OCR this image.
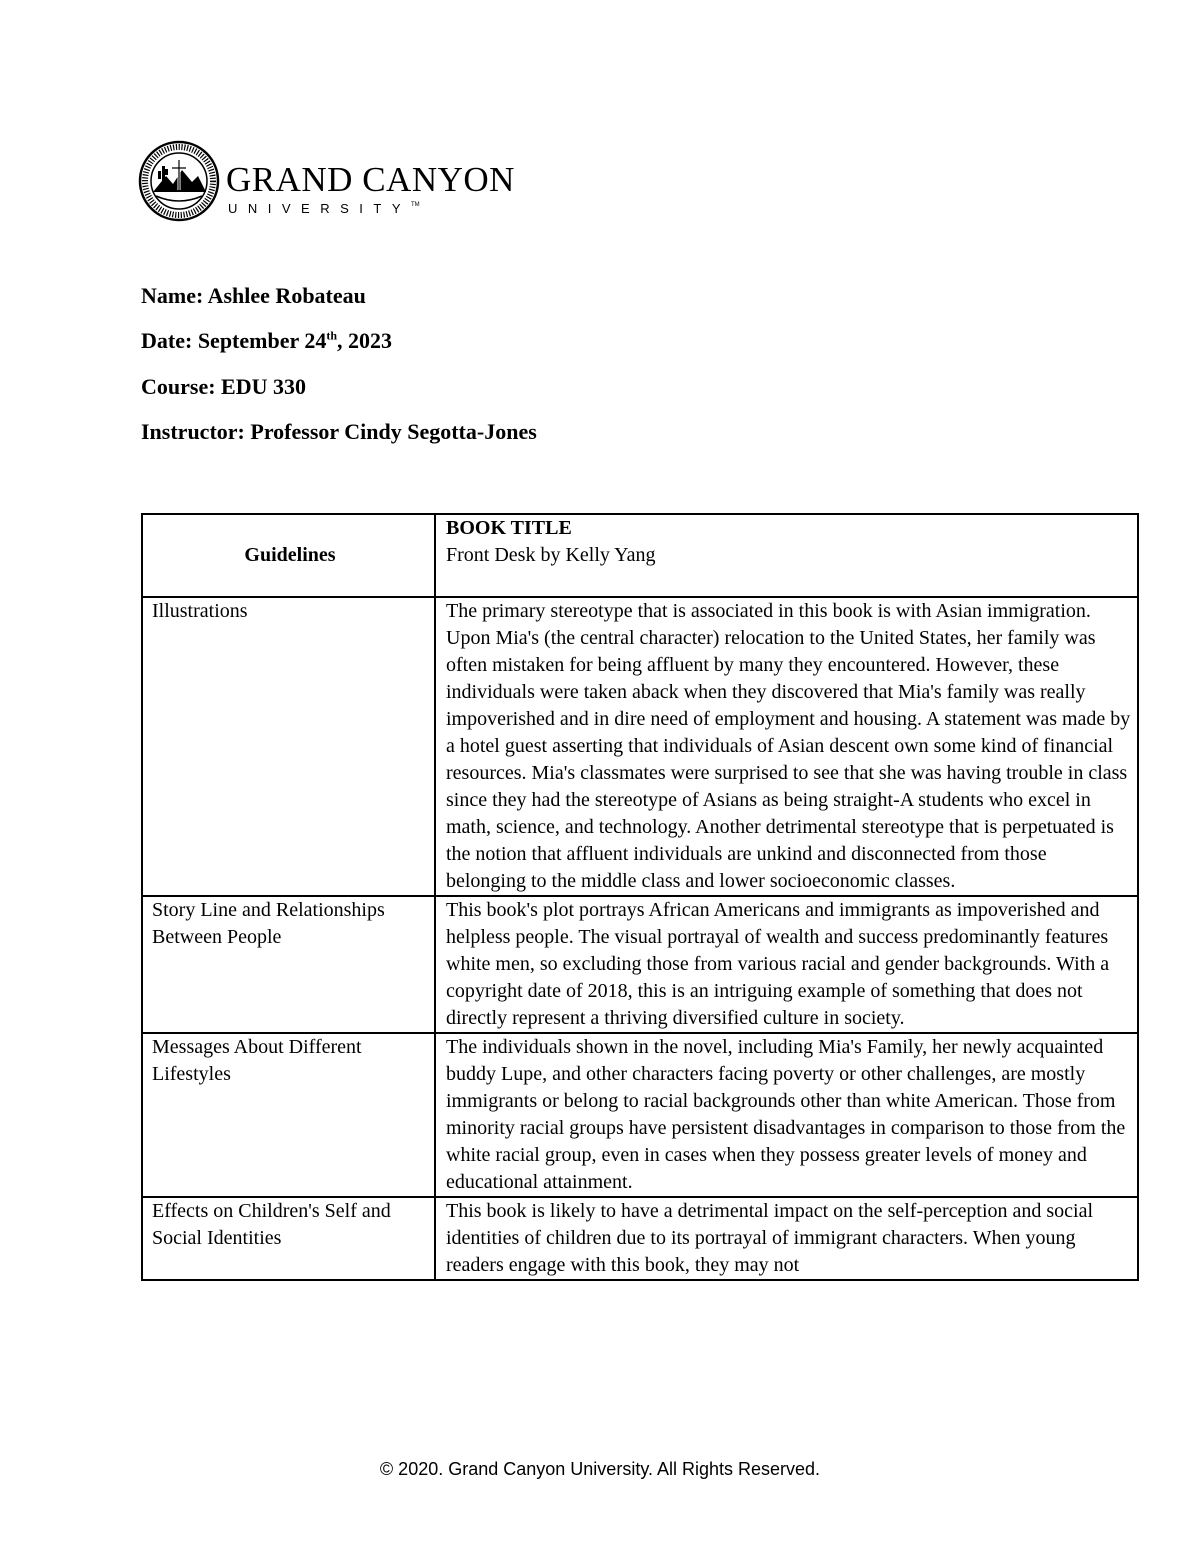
GRAND CANYON
UNIVERSITY™

Name: Ashlee Robateau

Date: September 24th, 2023

Course: EDU 330

Instructor: Professor Cindy Segotta-Jones

Guidelines	BOOK TITLE
Front Desk by Kelly Yang
Illustrations	The primary stereotype that is associated in this book is with Asian immigration. Upon Mia's (the central character) relocation to the United States, her family was often mistaken for being affluent by many they encountered. However, these individuals were taken aback when they discovered that Mia's family was really impoverished and in dire need of employment and housing. A statement was made by a hotel guest asserting that individuals of Asian descent own some kind of financial resources. Mia's classmates were surprised to see that she was having trouble in class since they had the stereotype of Asians as being straight-A students who excel in math, science, and technology. Another detrimental stereotype that is perpetuated is the notion that affluent individuals are unkind and disconnected from those belonging to the middle class and lower socioeconomic classes.
Story Line and Relationships Between People	This book's plot portrays African Americans and immigrants as impoverished and helpless people. The visual portrayal of wealth and success predominantly features white men, so excluding those from various racial and gender backgrounds. With a copyright date of 2018, this is an intriguing example of something that does not directly represent a thriving diversified culture in society.
Messages About Different Lifestyles	The individuals shown in the novel, including Mia's Family, her newly acquainted buddy Lupe, and other characters facing poverty or other challenges, are mostly immigrants or belong to racial backgrounds other than white American. Those from minority racial groups have persistent disadvantages in comparison to those from the white racial group, even in cases when they possess greater levels of money and educational attainment.

Effects on Children's Self and Social Identities	This book is likely to have a detrimental impact on the self-perception and social identities of children due to its portrayal of immigrant characters. When young readers engage with this book, they may not
© 2020. Grand Canyon University. All Rights Reserved.
